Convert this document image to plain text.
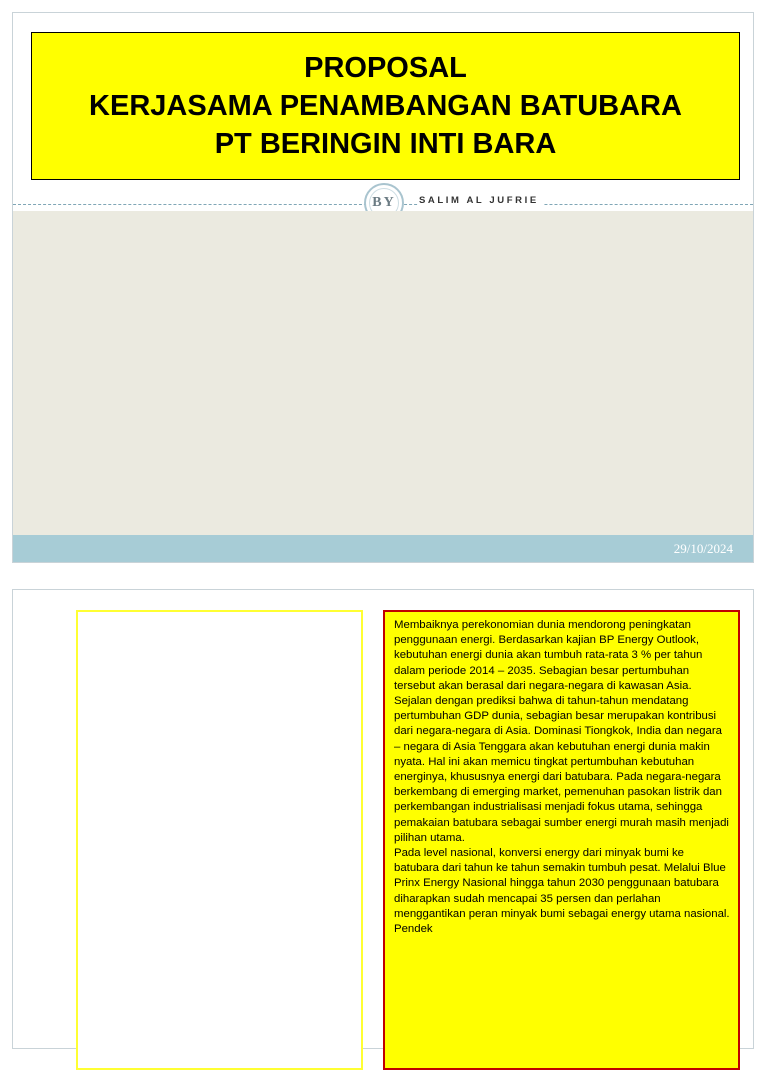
PROPOSAL
KERJASAMA PENAMBANGAN BATUBARA
PT BERINGIN INTI BARA
BY SALIM AL JUFRIE
29/10/2024

Membaiknya perekonomian dunia mendorong peningkatan penggunaan energi. Berdasarkan kajian BP Energy Outlook, kebutuhan energi dunia akan tumbuh rata-rata 3 % per tahun dalam periode 2014 – 2035. Sebagian besar pertumbuhan tersebut akan berasal dari negara-negara di kawasan Asia. Sejalan dengan prediksi bahwa di tahun-tahun mendatang pertumbuhan GDP dunia, sebagian besar merupakan kontribusi dari negara-negara di Asia. Dominasi Tiongkok, India dan negara – negara di Asia Tenggara akan kebutuhan energi dunia makin nyata. Hal ini akan memicu tingkat pertumbuhan kebutuhan energinya, khususnya energi dari batubara. Pada negara-negara berkembang di emerging market, pemenuhan pasokan listrik dan perkembangan industrialisasi menjadi fokus utama, sehingga pemakaian batubara sebagai sumber energi murah masih menjadi pilihan utama.

Pada level nasional, konversi energy dari minyak bumi ke batubara dari tahun ke tahun semakin tumbuh pesat. Melalui Blue Prinx Energy Nasional hingga tahun 2030 penggunaan batubara diharapkan sudah mencapai 35 persen dan perlahan menggantikan peran minyak bumi sebagai energy utama nasional. Pendek
